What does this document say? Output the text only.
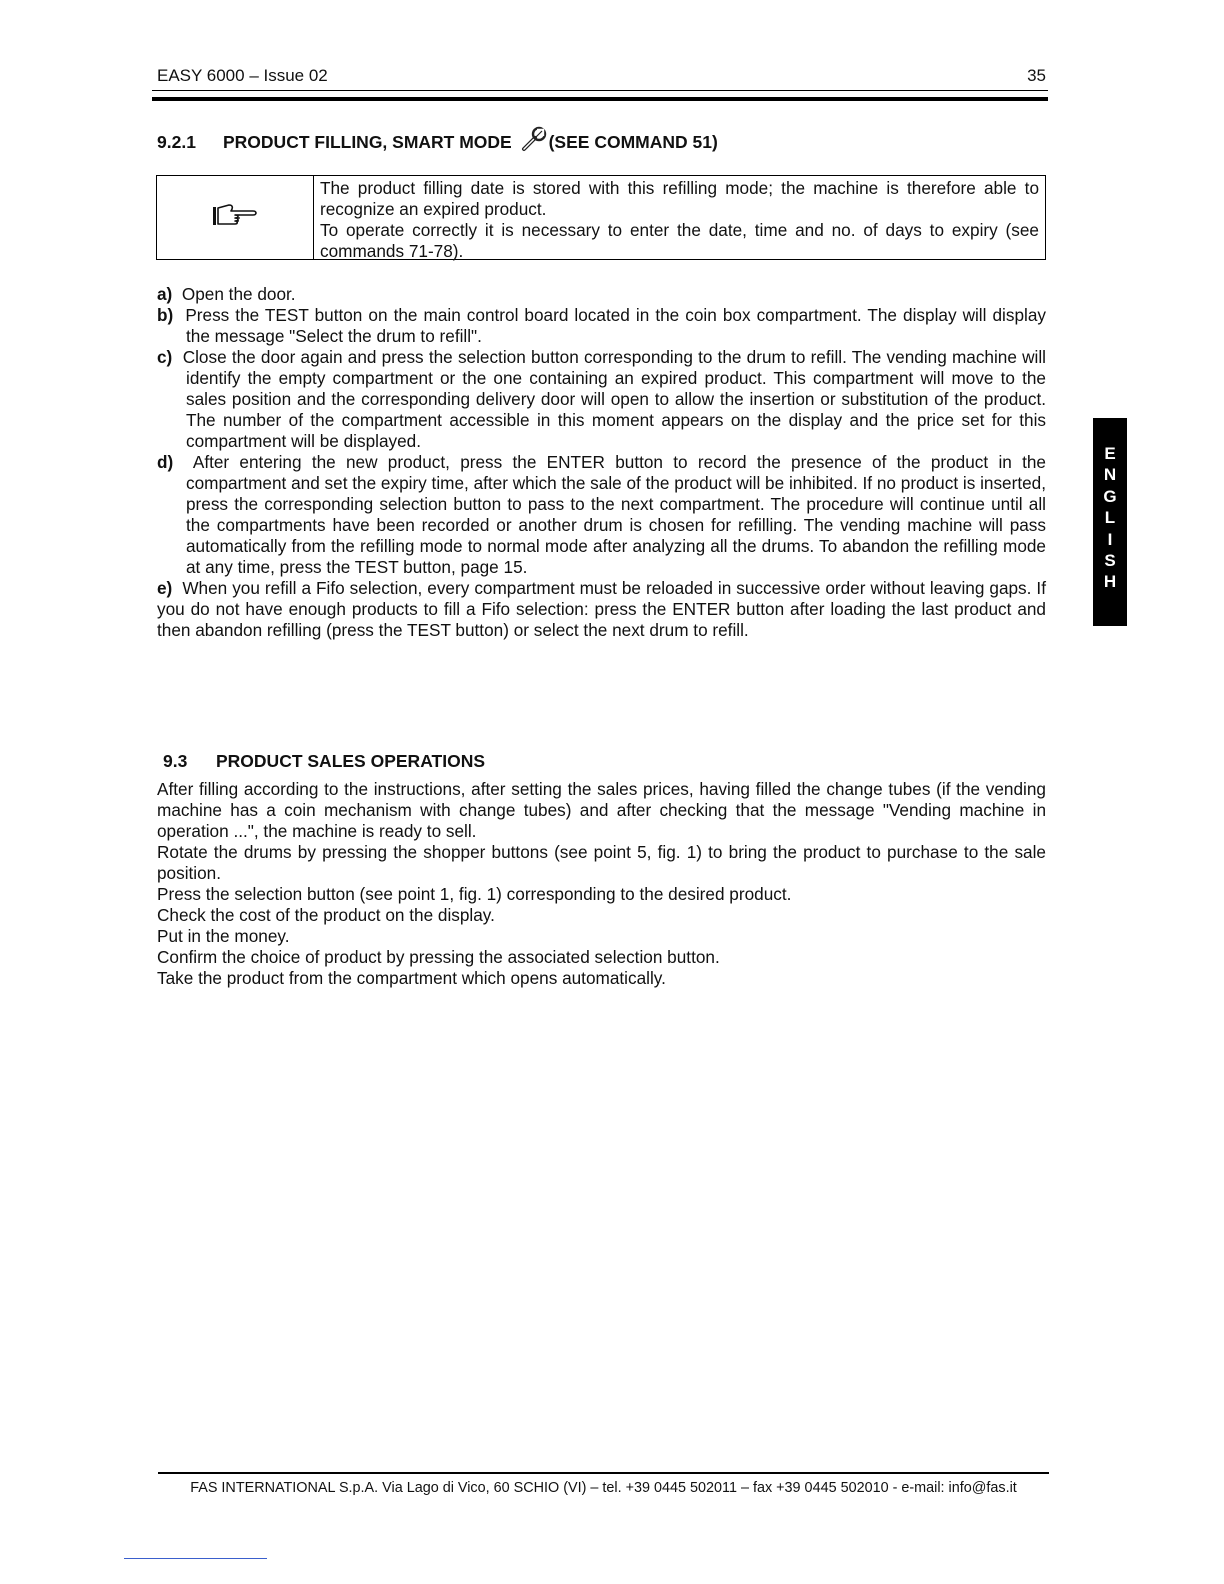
EASY 6000 – Issue 02	35
9.2.1 PRODUCT FILLING, SMART MODE (SEE COMMAND 51)

The product filling date is stored with this refilling mode; the machine is therefore able to recognize an expired product.

To operate correctly it is necessary to enter the date, time and no. of days to expiry (see commands 71-78).

a) Open the door.

b) Press the TEST button on the main control board located in the coin box compartment. The display will display the message "Select the drum to refill".

c) Close the door again and press the selection button corresponding to the drum to refill. The vending machine will identify the empty compartment or the one containing an expired product. This compartment will move to the sales position and the corresponding delivery door will open to allow the insertion or substitution of the product. The number of the compartment accessible in this moment appears on the display and the price set for this compartment will be displayed.

d) After entering the new product, press the ENTER button to record the presence of the product in the compartment and set the expiry time, after which the sale of the product will be inhibited. If no product is inserted, press the corresponding selection button to pass to the next compartment. The procedure will continue until all the compartments have been recorded or another drum is chosen for refilling. The vending machine will pass automatically from the refilling mode to normal mode after analyzing all the drums. To abandon the refilling mode at any time, press the TEST button, page 15.

e) When you refill a Fifo selection, every compartment must be reloaded in successive order without leaving gaps. If you do not have enough products to fill a Fifo selection: press the ENTER button after loading the last product and then abandon refilling (press the TEST button) or select the next drum to refill.

9.3 PRODUCT SALES OPERATIONS

After filling according to the instructions, after setting the sales prices, having filled the change tubes (if the vending machine has a coin mechanism with change tubes) and after checking that the message "Vending machine in operation ...", the machine is ready to sell.

Rotate the drums by pressing the shopper buttons (see point 5, fig. 1) to bring the product to purchase to the sale position.

Press the selection button (see point 1, fig. 1) corresponding to the desired product.

Check the cost of the product on the display.

Put in the money.

Confirm the choice of product by pressing the associated selection button.

Take the product from the compartment which opens automatically.

E
N
G
L
I
S
H
FAS INTERNATIONAL S.p.A. Via Lago di Vico, 60 SCHIO (VI) – tel. +39 0445 502011 – fax +39 0445 502010 - e-mail: info@fas.it
